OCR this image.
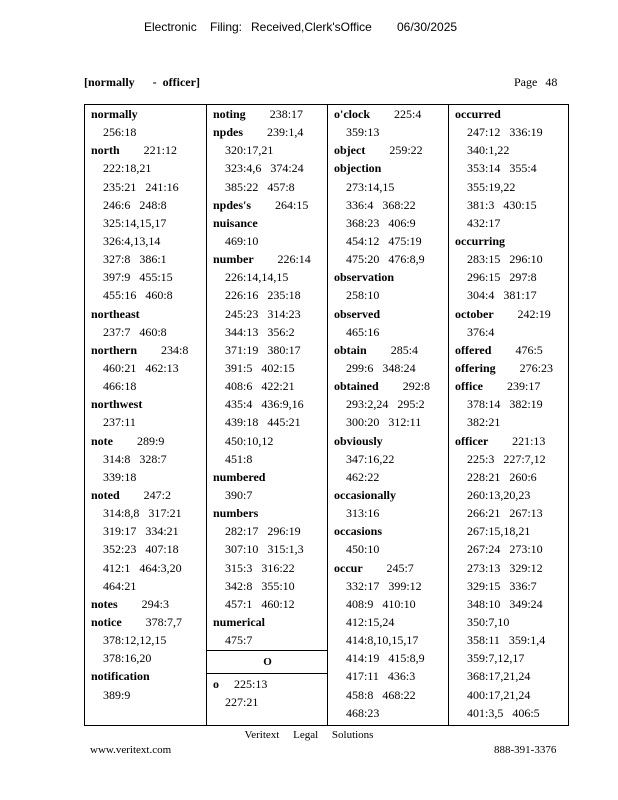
Electronic Filing: Received,Clerk'sOffice 06/30/2025
[normally      -  officer]	Page 48
normally
256:18
north 221:12
222:18,21
235:21   241:16
246:6   248:8
325:14,15,17
326:4,13,14
327:8   386:1
397:9   455:15
455:16   460:8
northeast
237:7   460:8
northern 234:8
460:21   462:13
466:18
northwest
237:11
note 289:9
314:8   328:7
339:18
noted 247:2
314:8,8   317:21
319:17   334:21
352:23   407:18
412:1   464:3,20
464:21
notes 294:3
notice 378:7,7
378:12,12,15
378:16,20
notification
389:9
noting 238:17
npdes 239:1,4
320:17,21
323:4,6   374:24
385:22   457:8
npdes's 264:15
nuisance
469:10
number 226:14
226:14,14,15
226:16   235:18
245:23   314:23
344:13   356:2
371:19   380:17
391:5   402:15
408:6   422:21
435:4   436:9,16
439:18   445:21
450:10,12
451:8
numbered
390:7
numbers
282:17   296:19
307:10   315:1,3
315:3   316:22
342:8   355:10
457:1   460:12
numerical
475:7
o'clock 225:4
359:13
object 259:22
objection
273:14,15
336:4   368:22
368:23   406:9
454:12   475:19
475:20   476:8,9
observation
258:10
observed
465:16
obtain 285:4
299:6   348:24
obtained 292:8
293:2,24   295:2
300:20   312:11
obviously
347:16,22
462:22
occasionally
313:16
occasions
450:10
occur 245:7
332:17   399:12
408:9   410:10
412:15,24
414:8,10,15,17
414:19   415:8,9
417:11   436:3
458:8   468:22
468:23
occurred
247:12   336:19
340:1,22
353:14   355:4
355:19,22
381:3   430:15
432:17
occurring
283:15   296:10
296:15   297:8
304:4   381:17
october 242:19
376:4
offered 476:5
offering 276:23
office 239:17
378:14   382:19
382:21
officer 221:13
225:3   227:7,12
228:21   260:6
260:13,20,23
266:21   267:13
267:15,18,21
267:24   273:10
273:13   329:12
329:15   336:7
348:10   349:24
350:7,10
358:11   359:1,4
359:7,12,17
368:17,21,24
400:17,21,24
401:3,5   406:5
O
o 225:13
227:21
Veritext     Legal     Solutions
www.veritext.com	888-391-3376
